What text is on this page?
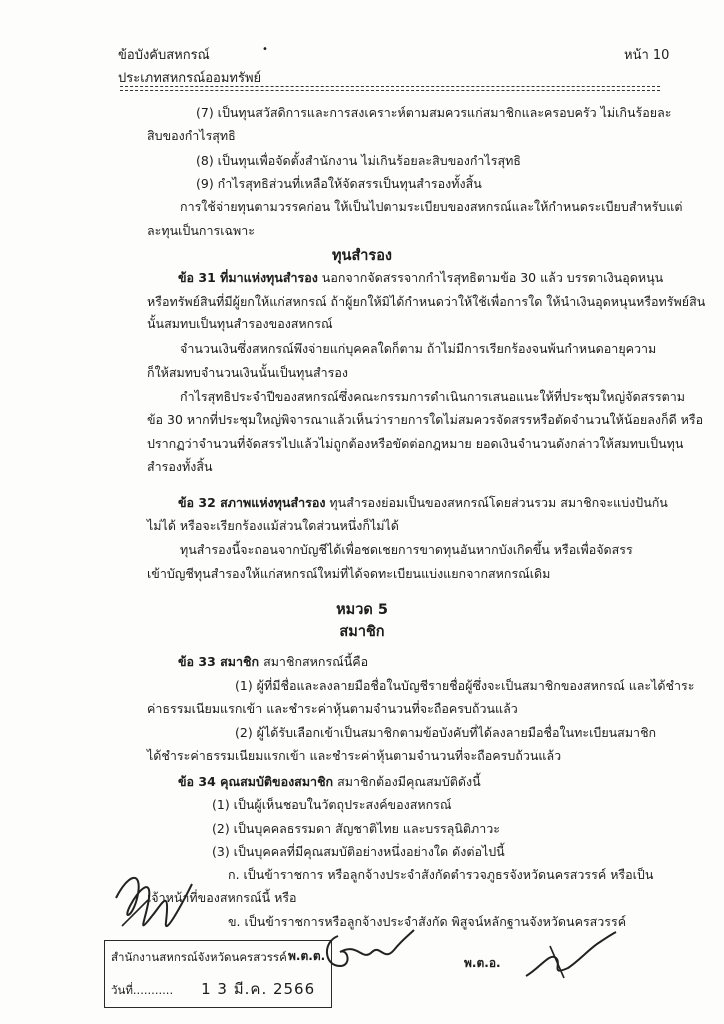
ข้อบังคับสหกรณ์
ประเภทสหกรณ์ออมทรัพย์
หน้า 10
•
(7) เป็นทุนสวัสดิการและการสงเคราะห์ตามสมควรแก่สมาชิกและครอบครัว ไม่เกินร้อยละ
สิบของกำไรสุทธิ
(8) เป็นทุนเพื่อจัดตั้งสำนักงาน ไม่เกินร้อยละสิบของกำไรสุทธิ
(9) กำไรสุทธิส่วนที่เหลือให้จัดสรรเป็นทุนสำรองทั้งสิ้น
การใช้จ่ายทุนตามวรรคก่อน ให้เป็นไปตามระเบียบของสหกรณ์และให้กำหนดระเบียบสำหรับแต่
ละทุนเป็นการเฉพาะ
หรือทรัพย์สินที่มีผู้ยกให้แก่สหกรณ์ ถ้าผู้ยกให้มิได้กำหนดว่าให้ใช้เพื่อการใด ให้นำเงินอุดหนุนหรือทรัพย์สิน
นั้นสมทบเป็นทุนสำรองของสหกรณ์
จำนวนเงินซึ่งสหกรณ์พึงจ่ายแก่บุคคลใดก็ตาม ถ้าไม่มีการเรียกร้องจนพ้นกำหนดอายุความ
ก็ให้สมทบจำนวนเงินนั้นเป็นทุนสำรอง
กำไรสุทธิประจำปีของสหกรณ์ซึ่งคณะกรรมการดำเนินการเสนอแนะให้ที่ประชุมใหญ่จัดสรรตาม
ข้อ 30 หากที่ประชุมใหญ่พิจารณาแล้วเห็นว่ารายการใดไม่สมควรจัดสรรหรือตัดจำนวนให้น้อยลงก็ดี หรือ
ปรากฏว่าจำนวนที่จัดสรรไปแล้วไม่ถูกต้องหรือขัดต่อกฎหมาย ยอดเงินจำนวนดังกล่าวให้สมทบเป็นทุน
สำรองทั้งสิ้น
ไม่ได้ หรือจะเรียกร้องแม้ส่วนใดส่วนหนึ่งก็ไม่ได้
ทุนสำรองนี้จะถอนจากบัญชีได้เพื่อชดเชยการขาดทุนอันหากบังเกิดขึ้น หรือเพื่อจัดสรร
เข้าบัญชีทุนสำรองให้แก่สหกรณ์ใหม่ที่ได้จดทะเบียนแบ่งแยกจากสหกรณ์เดิม
(1) ผู้ที่มีชื่อและลงลายมือชื่อในบัญชีรายชื่อผู้ซึ่งจะเป็นสมาชิกของสหกรณ์ และได้ชำระ
ค่าธรรมเนียมแรกเข้า และชำระค่าหุ้นตามจำนวนที่จะถือครบถ้วนแล้ว
(2) ผู้ได้รับเลือกเข้าเป็นสมาชิกตามข้อบังคับที่ได้ลงลายมือชื่อในทะเบียนสมาชิก
ได้ชำระค่าธรรมเนียมแรกเข้า และชำระค่าหุ้นตามจำนวนที่จะถือครบถ้วนแล้ว
(1) เป็นผู้เห็นชอบในวัตถุประสงค์ของสหกรณ์
(2) เป็นบุคคลธรรมดา สัญชาติไทย และบรรลุนิติภาวะ
(3) เป็นบุคคลที่มีคุณสมบัติอย่างหนึ่งอย่างใด ดังต่อไปนี้
ก. เป็นข้าราชการ หรือลูกจ้างประจำสังกัดตำรวจภูธรจังหวัดนครสวรรค์ หรือเป็น
เจ้าหน้าที่ของสหกรณ์นี้ หรือ
ข. เป็นข้าราชการหรือลูกจ้างประจำสังกัด พิสูจน์หลักฐานจังหวัดนครสวรรค์
ข้อ 31 ที่มาแห่งทุนสำรอง นอกจากจัดสรรจากกำไรสุทธิตามข้อ 30 แล้ว บรรดาเงินอุดหนุน
ข้อ 32 สภาพแห่งทุนสำรอง ทุนสำรองย่อมเป็นของสหกรณ์โดยส่วนรวม สมาชิกจะแบ่งปันกัน
ข้อ 33 สมาชิก สมาชิกสหกรณ์นี้คือ
ข้อ 34 คุณสมบัติของสมาชิก สมาชิกต้องมีคุณสมบัติดังนี้
ทุนสำรอง
หมวด 5
สมาชิก
สำนักงานสหกรณ์จังหวัดนครสวรรค์
วันที่........... 1 3 มี.ค. 2566
พ.ต.ต.	พ.ต.อ.
